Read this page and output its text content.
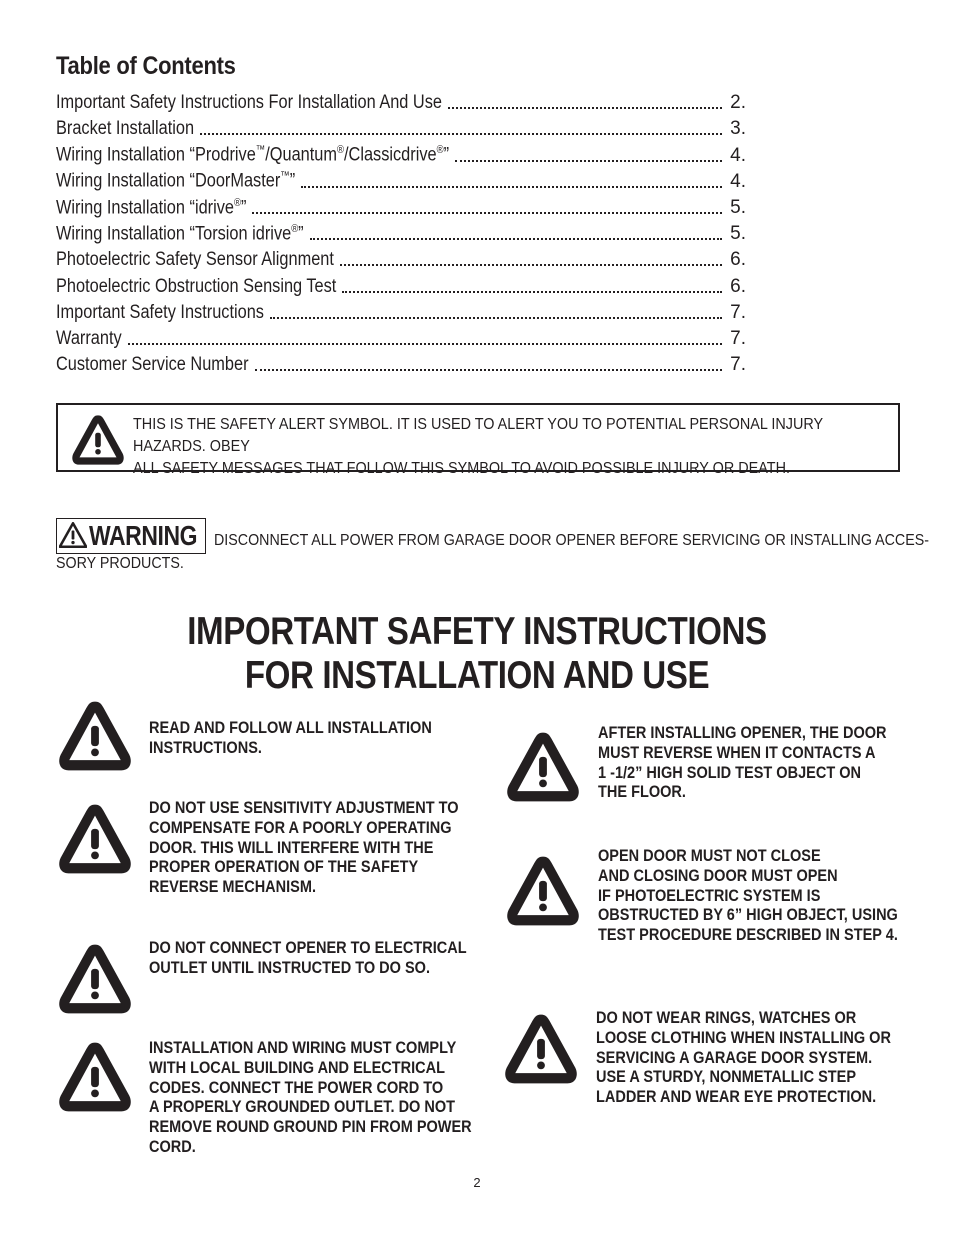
Table of Contents
Important Safety Instructions For Installation And Use	2.
Bracket Installation	3.
Wiring Installation “Prodrive™/Quantum®/Classicdrive®”	4.
Wiring Installation “DoorMaster™”	4.
Wiring Installation “idrive®”	5.
Wiring Installation “Torsion idrive®”	5.
Photoelectric Safety Sensor Alignment	6.
Photoelectric Obstruction Sensing Test	6.
Important Safety Instructions	7.
Warranty	7.
Customer Service Number	7.
THIS IS THE SAFETY ALERT SYMBOL. IT IS USED TO ALERT YOU TO POTENTIAL PERSONAL INJURY HAZARDS. OBEY
ALL SAFETY MESSAGES THAT FOLLOW THIS SYMBOL TO AVOID POSSIBLE INJURY OR DEATH.
WARNING DISCONNECT ALL POWER FROM GARAGE DOOR OPENER BEFORE SERVICING OR INSTALLING ACCES-
SORY PRODUCTS.
IMPORTANT SAFETY INSTRUCTIONS
FOR INSTALLATION AND USE
READ AND FOLLOW ALL INSTALLATION
INSTRUCTIONS.
DO NOT USE SENSITIVITY ADJUSTMENT TO
COMPENSATE FOR A POORLY OPERATING
DOOR. THIS WILL INTERFERE WITH THE
PROPER OPERATION OF THE SAFETY
REVERSE MECHANISM.
DO NOT CONNECT OPENER TO ELECTRICAL
OUTLET UNTIL INSTRUCTED TO DO SO.
INSTALLATION AND WIRING MUST COMPLY
WITH LOCAL BUILDING AND ELECTRICAL
CODES. CONNECT THE POWER CORD TO
A PROPERLY GROUNDED OUTLET. DO NOT
REMOVE ROUND GROUND PIN FROM POWER
CORD.
AFTER INSTALLING OPENER, THE DOOR
MUST REVERSE WHEN IT CONTACTS A
1 -1/2” HIGH SOLID TEST OBJECT ON
THE FLOOR.
OPEN DOOR MUST NOT CLOSE
AND CLOSING DOOR MUST OPEN
IF PHOTOELECTRIC SYSTEM IS
OBSTRUCTED BY 6” HIGH OBJECT, USING
TEST PROCEDURE DESCRIBED IN STEP 4.
DO NOT WEAR RINGS, WATCHES OR
LOOSE CLOTHING WHEN INSTALLING OR
SERVICING A GARAGE DOOR SYSTEM.
USE A STURDY, NONMETALLIC STEP
LADDER AND WEAR EYE PROTECTION.
2
